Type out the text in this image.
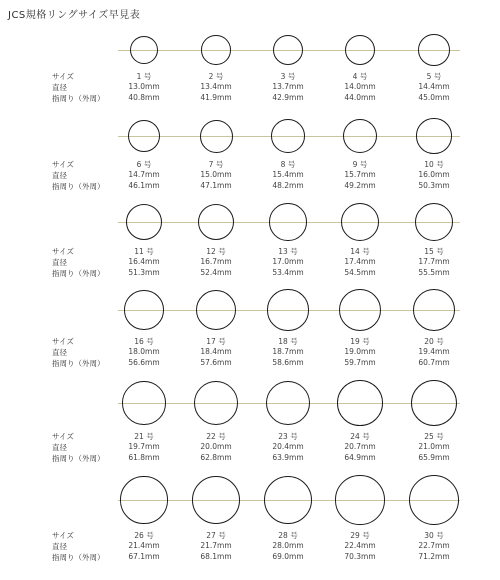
JCS規格リングサイズ早見表
サイズ
直径
指周り（外周）
1 号
13.0mm
40.8mm
2 号
13.4mm
41.9mm
3 号
13.7mm
42.9mm
4 号
14.0mm
44.0mm
5 号
14.4mm
45.0mm
サイズ
直径
指周り（外周）
6 号
14.7mm
46.1mm
7 号
15.0mm
47.1mm
8 号
15.4mm
48.2mm
9 号
15.7mm
49.2mm
10 号
16.0mm
50.3mm
サイズ
直径
指周り（外周）
11 号
16.4mm
51.3mm
12 号
16.7mm
52.4mm
13 号
17.0mm
53.4mm
14 号
17.4mm
54.5mm
15 号
17.7mm
55.5mm
サイズ
直径
指周り（外周）
16 号
18.0mm
56.6mm
17 号
18.4mm
57.6mm
18 号
18.7mm
58.6mm
19 号
19.0mm
59.7mm
20 号
19.4mm
60.7mm
サイズ
直径
指周り（外周）
21 号
19.7mm
61.8mm
22 号
20.0mm
62.8mm
23 号
20.4mm
63.9mm
24 号
20.7mm
64.9mm
25 号
21.0mm
65.9mm
サイズ
直径
指周り（外周）
26 号
21.4mm
67.1mm
27 号
21.7mm
68.1mm
28 号
28.0mm
69.0mm
29 号
22.4mm
70.3mm
30 号
22.7mm
71.2mm
